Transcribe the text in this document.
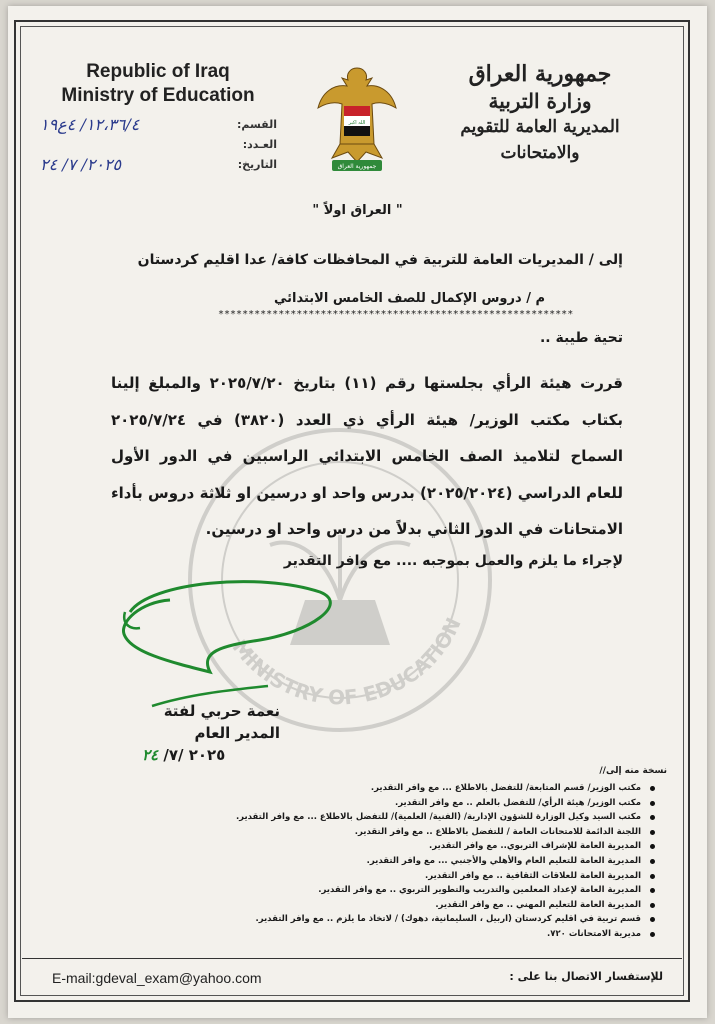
MINISTRY OF EDUCATION
Republic of Iraq
Ministry of Education
الله اكبر
جمهورية العراق
جمهورية العراق
وزارة التربية
المديرية العامة للتقويم والامتحانات
القسم:
١٢،٣٦/٤/ ٤ع١٩
العـدد:
التاريخ:
٢٠٢٥/ ٧/ ٢٤
" العراق اولاً "
إلى / المديريات العامة للتربية في المحافظات كافة/ عدا اقليم كردستان
م / دروس الإكمال للصف الخامس الابتدائي
***********************************************************
تحية طيبة ..
قررت هيئة الرأي بجلستها رقم (١١) بتاريخ ٢٠٢٥/٧/٢٠ والمبلغ إلينا بكتاب مكتب الوزير/ هيئة الرأي ذي العدد (٣٨٢٠) في ٢٠٢٥/٧/٢٤ السماح لتلاميذ الصف الخامس الابتدائي الراسبين في الدور الأول للعام الدراسي (٢٠٢٥/٢٠٢٤) بدرس واحد او درسين او ثلاثة دروس بأداء الامتحانات في الدور الثاني بدلاً من درس واحد او درسين.
لإجراء ما يلزم والعمل بموجبه .... مع وافر التقدير
نعمة حربي لفتة
المدير العام
٢٠٢٥ /٧/ ٢٤
نسخة منه إلى//
مكتب الوزير/ قسم المتابعة/ للتفضل بالاطلاع ... مع وافر التقدير.
مكتب الوزير/ هيئة الرأي/ للتفضل بالعلم .. مع وافر التقدير.
مكتب السيد وكيل الوزارة للشؤون الإدارية/ (الفنية/ العلمية)/ للتفضل بالاطلاع ... مع وافر التقدير.
اللجنة الدائمة للامتحانات العامة / للتفضل بالاطلاع .. مع وافر التقدير.
المديرية العامة للإشراف التربوي.. مع وافر التقدير.
المديرية العامة للتعليم العام والأهلي والأجنبي ... مع وافر التقدير.
المديرية العامة للعلاقات الثقافية .. مع وافر التقدير.
المديرية العامة لإعداد المعلمين والتدريب والتطوير التربوي .. مع وافر التقدير.
المديرية العامة للتعليم المهني .. مع وافر التقدير.
قسم تربية في اقليم كردستان (اربيل ، السليمانية، دهوك) / لاتخاذ ما يلزم .. مع وافر التقدير.
مديرية الامتحانات ٧٢٠.
E-mail:gdeval_exam@yahoo.com	للإستفسار الاتصال بنا على :
